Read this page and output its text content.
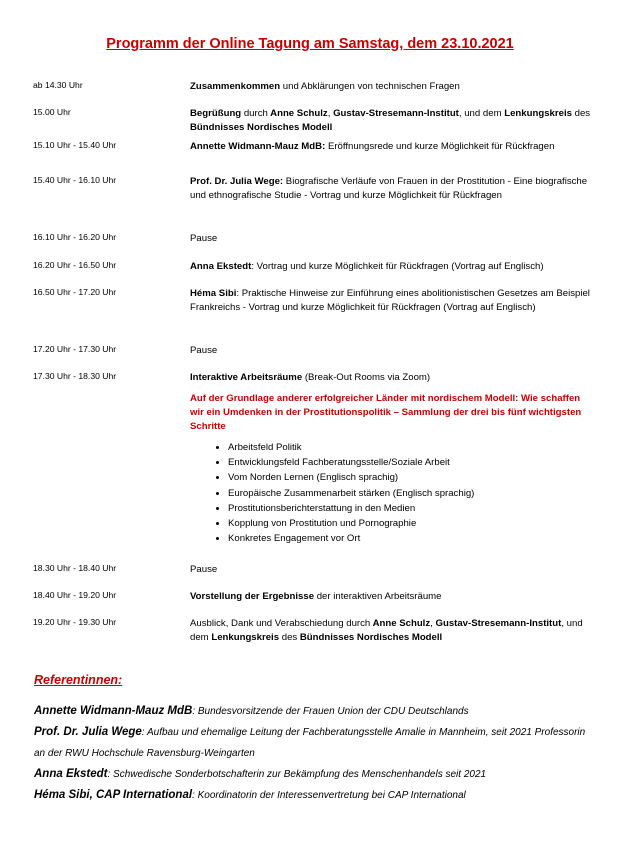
Programm der Online Tagung am Samstag, dem 23.10.2021
ab 14.30 Uhr	Zusammenkommen und Abklärungen von technischen Fragen
15.00 Uhr	Begrüßung durch Anne Schulz, Gustav-Stresemann-Institut, und dem Lenkungskreis des Bündnisses Nordisches Modell
15.10 Uhr - 15.40 Uhr	Annette Widmann-Mauz MdB: Eröffnungsrede und kurze Möglichkeit für Rückfragen
15.40 Uhr - 16.10 Uhr	Prof. Dr. Julia Wege: Biografische Verläufe von Frauen in der Prostitution - Eine biografische und ethnografische Studie - Vortrag und kurze Möglichkeit für Rückfragen
16.10 Uhr - 16.20 Uhr	Pause
16.20 Uhr - 16.50 Uhr	Anna Ekstedt: Vortrag und kurze Möglichkeit für Rückfragen (Vortrag auf Englisch)
16.50 Uhr - 17.20 Uhr	Héma Sibi: Praktische Hinweise zur Einführung eines abolitionistischen Gesetzes am Beispiel Frankreichs - Vortrag und kurze Möglichkeit für Rückfragen (Vortrag auf Englisch)
17.20 Uhr - 17.30 Uhr	Pause
17.30 Uhr - 18.30 Uhr	Interaktive Arbeitsräume (Break-Out Rooms via Zoom)
Auf der Grundlage anderer erfolgreicher Länder mit nordischem Modell: Wie schaffen wir ein Umdenken in der Prostitutionspolitik – Sammlung der drei bis fünf wichtigsten Schritte
• Arbeitsfeld Politik
• Entwicklungsfeld Fachberatungsstelle/Soziale Arbeit
• Vom Norden Lernen (Englisch sprachig)
• Europäische Zusammenarbeit stärken (Englisch sprachig)
• Prostitutionsberichterstattung in den Medien
• Kopplung von Prostitution und Pornographie
• Konkretes Engagement vor Ort
18.30 Uhr - 18.40 Uhr	Pause
18.40 Uhr - 19.20 Uhr	Vorstellung der Ergebnisse der interaktiven Arbeitsräume
19.20 Uhr - 19.30 Uhr	Ausblick, Dank und Verabschiedung durch Anne Schulz, Gustav-Stresemann-Institut, und dem Lenkungskreis des Bündnisses Nordisches Modell
Referentinnen:

Annette Widmann-Mauz MdB: Bundesvorsitzende der Frauen Union der CDU Deutschlands

Prof. Dr. Julia Wege: Aufbau und ehemalige Leitung der Fachberatungsstelle Amalie in Mannheim, seit 2021 Professorin an der RWU Hochschule Ravensburg-Weingarten

Anna Ekstedt: Schwedische Sonderbotschafterin zur Bekämpfung des Menschenhandels seit 2021

Héma Sibi, CAP International: Koordinatorin der Interessenvertretung bei CAP International
